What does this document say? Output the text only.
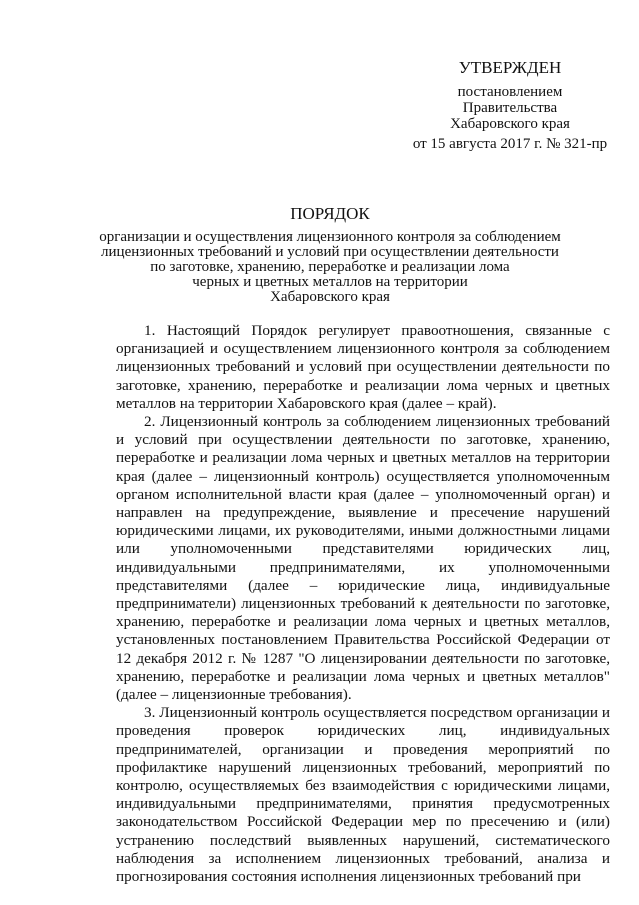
УТВЕРЖДЕН
постановлением
Правительства
Хабаровского края
от 15 августа 2017 г. № 321-пр
ПОРЯДОК
организации и осуществления лицензионного контроля за соблюдением
лицензионных требований и условий при осуществлении деятельности
по заготовке, хранению, переработке и реализации лома
черных и цветных металлов на территории
Хабаровского края

1. Настоящий Порядок регулирует правоотношения, связанные с организацией и осуществлением лицензионного контроля за соблюдением лицензионных требований и условий при осуществлении деятельности по заготовке, хранению, переработке и реализации лома черных и цветных металлов на территории Хабаровского края (далее – край).

2. Лицензионный контроль за соблюдением лицензионных требований и условий при осуществлении деятельности по заготовке, хранению, переработке и реализации лома черных и цветных металлов на территории края (далее – лицензионный контроль) осуществляется уполномоченным органом исполнительной власти края (далее – уполномоченный орган) и направлен на предупреждение, выявление и пресечение нарушений юридическими лицами, их руководителями, иными должностными лицами или уполномоченными представителями юридических лиц, индивидуальными предпринимателями, их уполномоченными представителями (далее – юридические лица, индивидуальные предприниматели) лицензионных требований к деятельности по заготовке, хранению, переработке и реализации лома черных и цветных металлов, установленных постановлением Правительства Российской Федерации от 12 декабря 2012 г. № 1287 "О лицензировании деятельности по заготовке, хранению, переработке и реализации лома черных и цветных металлов" (далее – лицензионные требования).

3. Лицензионный контроль осуществляется посредством организации и проведения проверок юридических лиц, индивидуальных предпринимателей, организации и проведения мероприятий по профилактике нарушений лицензионных требований, мероприятий по контролю, осуществляемых без взаимодействия с юридическими лицами, индивидуальными предпринимателями, принятия предусмотренных законодательством Российской Федерации мер по пресечению и (или) устранению последствий выявленных нарушений, систематического наблюдения за исполнением лицензионных требований, анализа и прогнозирования состояния исполнения лицензионных требований при
